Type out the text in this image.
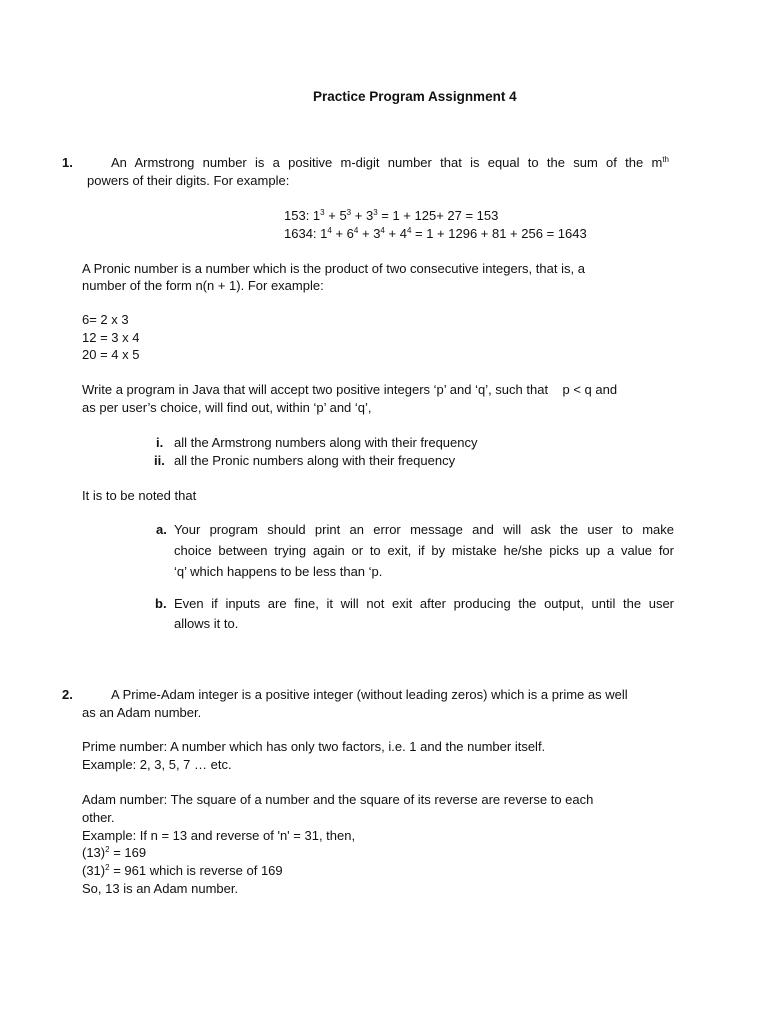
Practice Program Assignment 4
1.	An Armstrong number is a positive m-digit number that is equal to the sum of the $m^{th}$
powers of their digits. For example:
153: $1^3 + 5^3 + 3^3 = 1 + 125+ 27 = 153$
1634: $1^4 + 6^4 + 3^4 + 4^4 = 1 + 1296 + 81 + 256 = 1643$
A Pronic number is a number which is the product of two consecutive integers, that is, a
number of the form n(n + 1). For example:
6= 2 x 3
12 = 3 x 4
20 = 4 x 5
Write a program in Java that will accept two positive integers ‘p’ and ‘q’, such that    p < q and
as per user’s choice, will find out, within ‘p’ and ‘q’,
i. all the Armstrong numbers along with their frequency
ii. all the Pronic numbers along with their frequency
It is to be noted that
a. Your program should print an error message and will ask the user to make
choice between trying again or to exit, if by mistake he/she picks up a value for
‘q’ which happens to be less than ‘p.
b. Even if inputs are fine, it will not exit after producing the output, until the user
allows it to.
2.	A Prime-Adam integer is a positive integer (without leading zeros) which is a prime as well
as an Adam number.
Prime number: A number which has only two factors, i.e. 1 and the number itself.
Example: 2, 3, 5, 7 … etc.
Adam number: The square of a number and the square of its reverse are reverse to each
other.
Example: If n = 13 and reverse of 'n' = 31, then,
$(13)^2 = 169$
$(31)^2 = 961$ which is reverse of 169
So, 13 is an Adam number.
